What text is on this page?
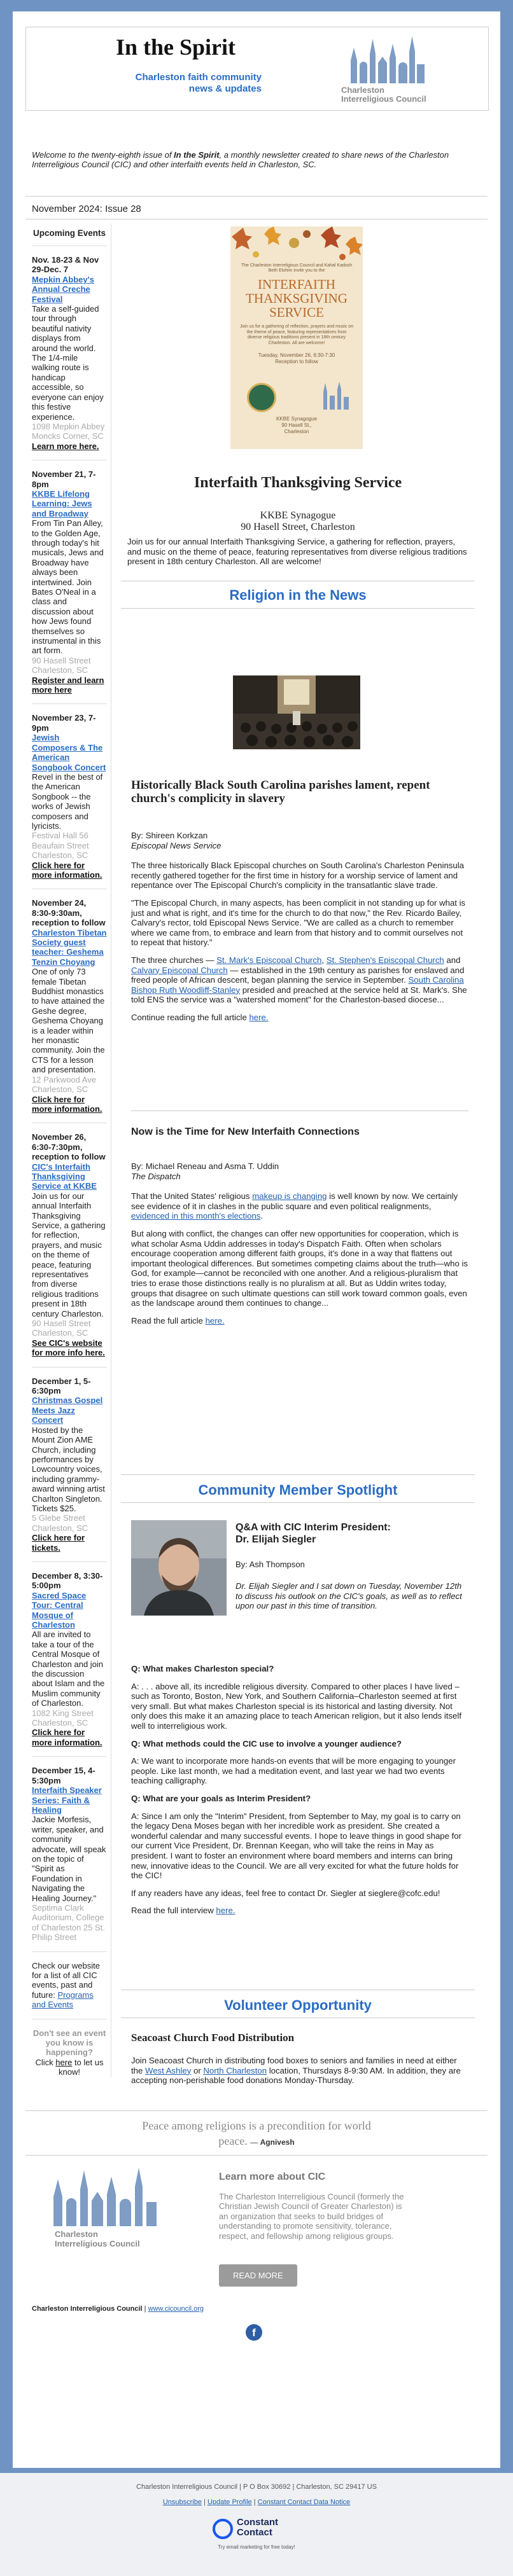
In the Spirit
Charleston faith community
news & updates	Charleston
Interreligious Council
Welcome to the twenty-eighth issue of In the Spirit, a monthly newsletter created to share news of the Charleston Interreligious Council (CIC) and other interfaith events held in Charleston, SC.
November 2024: Issue 28
Upcoming Events
Nov. 18-23 & Nov 29-Dec. 7
Mepkin Abbey's Annual Creche Festival
Take a self-guided tour through beautiful nativity displays from around the world. The 1/4-mile walking route is handicap accessible, so everyone can enjoy this festive experience.
1098 Mepkin Abbey Moncks Corner, SC
Learn more here.
November 21, 7-8pm
KKBE Lifelong Learning: Jews and Broadway
From Tin Pan Alley, to the Golden Age, through today's hit musicals, Jews and Broadway have always been intertwined. Join Bates O'Neal in a class and discussion about how Jews found themselves so instrumental in this art form.
90 Hasell Street Charleston, SC
Register and learn more here
November 23, 7-9pm
Jewish Composers & The American Songbook Concert
Revel in the best of the American Songbook -- the works of Jewish composers and lyricists.
Festival Hall 56 Beaufain Street Charleston, SC
Click here for more information.
November 24, 8:30-9:30am, reception to follow
Charleston Tibetan Society guest teacher: Geshema Tenzin Choyang
One of only 73 female Tibetan Buddhist monastics to have attained the Geshe degree, Geshema Choyang is a leader within her monastic community. Join the CTS for a lesson and presentation.
12 Parkwood Ave Charleston, SC
Click here for more information.
November 26, 6:30-7:30pm, reception to follow
CIC's Interfaith Thanksgiving Service at KKBE
Join us for our annual Interfaith Thanksgiving Service, a gathering for reflection, prayers, and music on the theme of peace, featuring representatives from diverse religious traditions present in 18th century Charleston.
90 Hasell Street Charleston, SC
See CIC's website for more info here.
December 1, 5-6:30pm
Christmas Gospel Meets Jazz Concert
Hosted by the Mount Zion AME Church, including performances by Lowcountry voices, including grammy-award winning artist Charlton Singleton. Tickets $25.
5 Glebe Street Charleston, SC
Click here for tickets.
December 8, 3:30-5:00pm
Sacred Space Tour: Central Mosque of Charleston
All are invited to take a tour of the Central Mosque of Charleston and join the discussion about Islam and the Muslim community of Charleston.
1082 King Street Charleston, SC
Click here for more information.
December 15, 4-5:30pm
Interfaith Speaker Series: Faith & Healing
Jackie Morfesis, writer, speaker, and community advocate, will speak on the topic of "Spirit as Foundation in Navigating the Healing Journey."
Septima Clark Auditorium, College of Charleston 25 St. Philip Street
Check our website for a list of all CIC events, past and future: Programs and Events
Don't see an event you know is happening?
Click here to let us know!
The Charleston Interreligious Council and Kahal Kadosh Beth Elohim invite you to the
INTERFAITH
THANKSGIVING
SERVICE
Join us for a gathering of reflection, prayers and music on the theme of peace, featuring representatives from diverse religious traditions present in 18th century Charleston. All are welcome!
Tuesday, November 26, 6:30-7:30
Reception to follow
KKBE Synagogue
90 Hasell St., Charleston
Interfaith Thanksgiving Service
KKBE Synagogue
90 Hasell Street, Charleston

Join us for our annual Interfaith Thanksgiving Service, a gathering for reflection, prayers, and music on the theme of peace, featuring representatives from diverse religious traditions present in 18th century Charleston. All are welcome!

Religion in the News
Historically Black South Carolina parishes lament, repent church's complicity in slavery

By: Shireen Korkzan
Episcopal News Service

The three historically Black Episcopal churches on South Carolina's Charleston Peninsula recently gathered together for the first time in history for a worship service of lament and repentance over The Episcopal Church's complicity in the transatlantic slave trade.

"The Episcopal Church, in many aspects, has been complicit in not standing up for what is just and what is right, and it's time for the church to do that now," the Rev. Ricardo Bailey, Calvary's rector, told Episcopal News Service. "We are called as a church to remember where we came from, to embrace and learn from that history and to commit ourselves not to repeat that history."

The three churches — St. Mark's Episcopal Church, St. Stephen's Episcopal Church and Calvary Episcopal Church — established in the 19th century as parishes for enslaved and freed people of African descent, began planning the service in September. South Carolina Bishop Ruth Woodliff-Stanley presided and preached at the service held at St. Mark's. She told ENS the service was a "watershed moment" for the Charleston-based diocese...

Continue reading the full article here.

Now is the Time for New Interfaith Connections

By: Michael Reneau and Asma T. Uddin
The Dispatch

That the United States' religious makeup is changing is well known by now. We certainly see evidence of it in clashes in the public square and even political realignments, evidenced in this month's elections.

But along with conflict, the changes can offer new opportunities for cooperation, which is what scholar Asma Uddin addresses in today's Dispatch Faith. Often when scholars encourage cooperation among different faith groups, it's done in a way that flattens out important theological differences. But sometimes competing claims about the truth—who is God, for example—cannot be reconciled with one another. And a religious-pluralism that tries to erase those distinctions really is no pluralism at all. But as Uddin writes today, groups that disagree on such ultimate questions can still work toward common goals, even as the landscape around them continues to change...

Read the full article here.

Community Member Spotlight
Q&A with CIC Interim President: Dr. Elijah Siegler
By: Ash Thompson

Dr. Elijah Siegler and I sat down on Tuesday, November 12th to discuss his outlook on the CIC's goals, as well as to reflect upon our past in this time of transition.

Q: What makes Charleston special?

A: . . . above all, its incredible religious diversity. Compared to other places I have lived –such as Toronto, Boston, New York, and Southern California–Charleston seemed at first very small. But what makes Charleston special is its historical and lasting diversity. Not only does this make it an amazing place to teach American religion, but it also lends itself well to interreligious work.

Q: What methods could the CIC use to involve a younger audience?

A: We want to incorporate more hands-on events that will be more engaging to younger people. Like last month, we had a meditation event, and last year we had two events teaching calligraphy.

Q: What are your goals as Interim President?

A: Since I am only the "Interim" President, from September to May, my goal is to carry on the legacy Dena Moses began with her incredible work as president. She created a wonderful calendar and many successful events. I hope to leave things in good shape for our current Vice President, Dr. Brennan Keegan, who will take the reins in May as president. I want to foster an environment where board members and interns can bring new, innovative ideas to the Council. We are all very excited for what the future holds for the CIC!

If any readers have any ideas, feel free to contact Dr. Siegler at sieglere@cofc.edu!

Read the full interview here.

Volunteer Opportunity
Seacoast Church Food Distribution

Join Seacoast Church in distributing food boxes to seniors and families in need at either the West Ashley or North Charleston location, Thursdays 8-9:30 AM. In addition, they are accepting non-perishable food donations Monday-Thursday.

Peace among religions is a precondition for world
peace. — Agnivesh
Charleston
Interreligious Council
Learn more about CIC
The Charleston Interreligious Council (formerly the Christian Jewish Council of Greater Charleston) is an organization that seeks to build bridges of understanding to promote sensitivity, tolerance, respect, and fellowship among religious groups.
READ MORE
Charleston Interreligious Council | www.cicouncil.org
f
Charleston Interreligious Council | P O Box 30692 | Charleston, SC 29417 US
Unsubscribe | Update Profile | Constant Contact Data Notice
Constant
Contact
Try email marketing for free today!
